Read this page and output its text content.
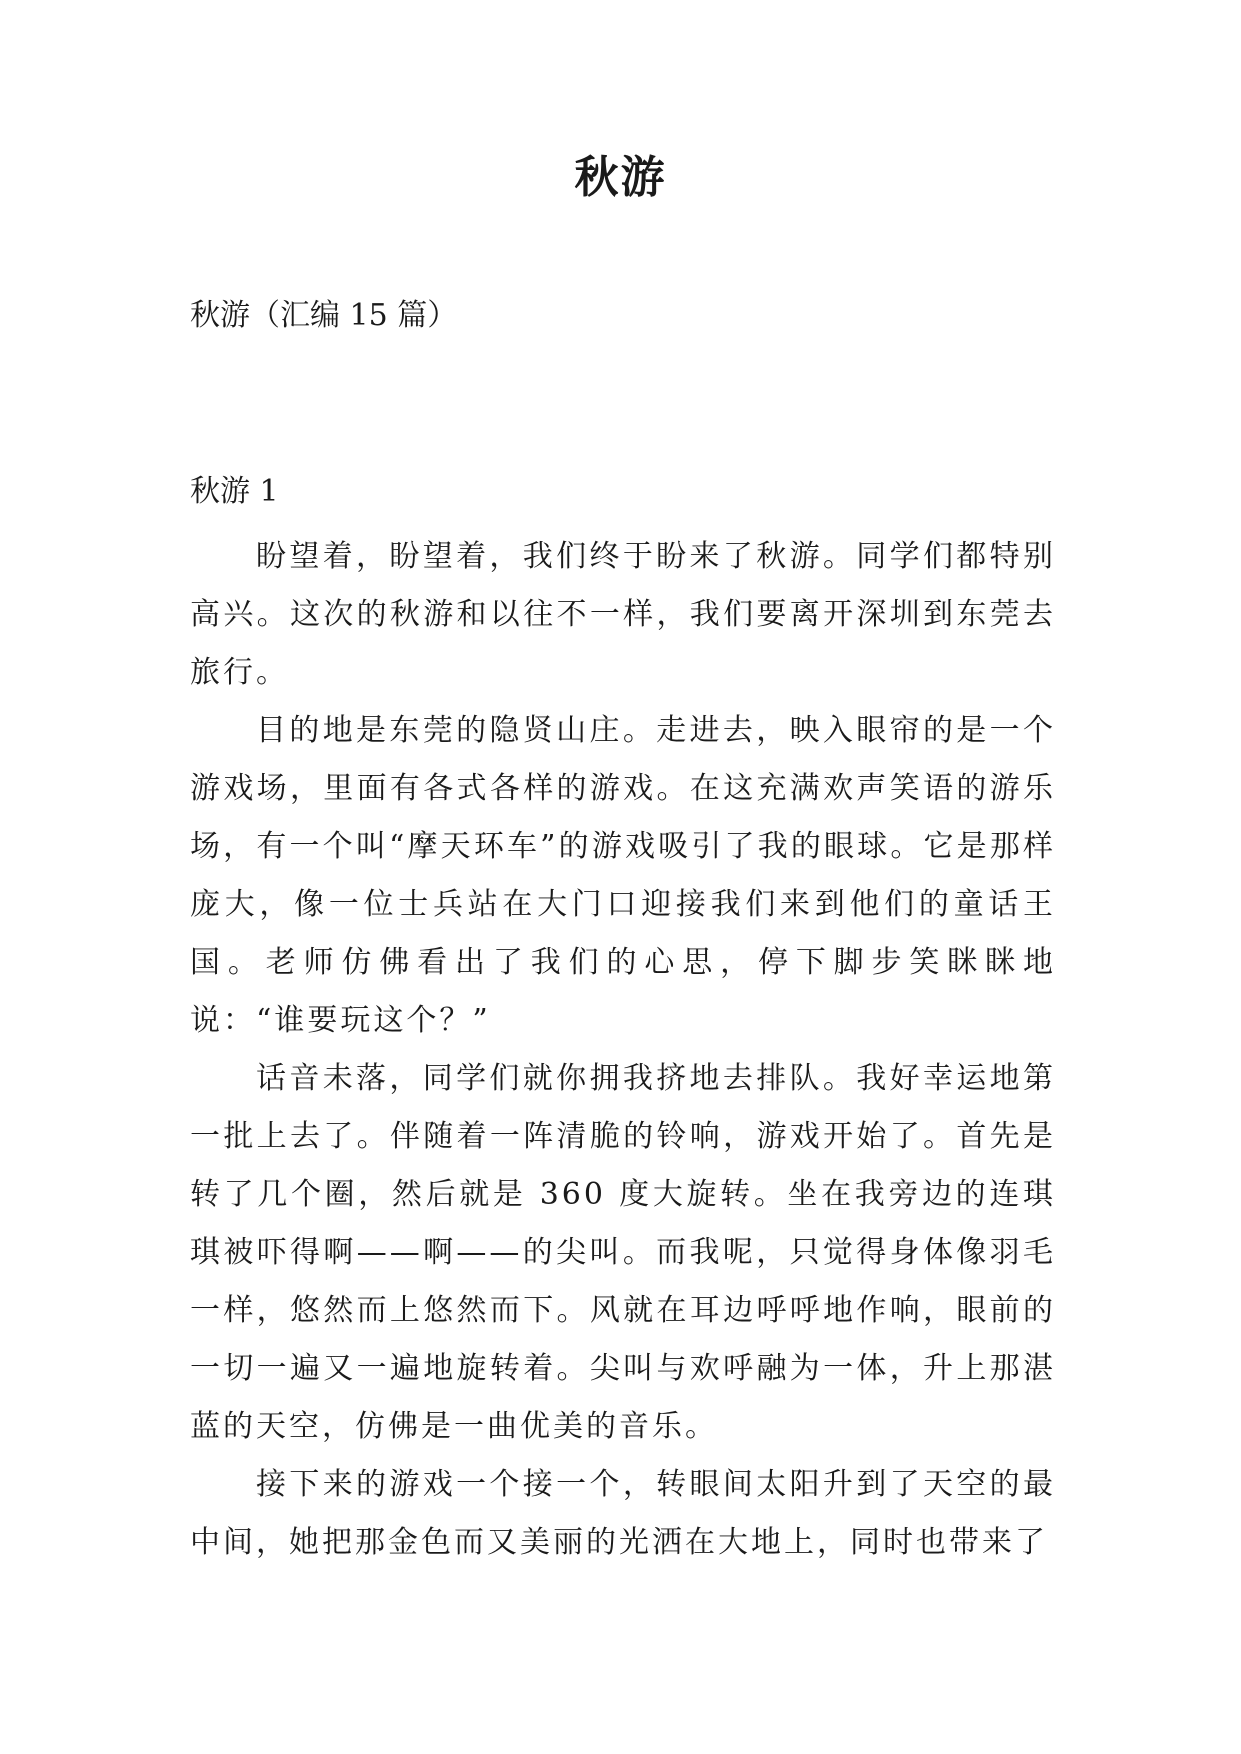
秋游

秋游（汇编 15 篇）

秋游 1

盼望着，盼望着，我们终于盼来了秋游。同学们都特别高兴。这次的秋游和以往不一样，我们要离开深圳到东莞去旅行。

目的地是东莞的隐贤山庄。走进去，映入眼帘的是一个游戏场，里面有各式各样的游戏。在这充满欢声笑语的游乐场，有一个叫“摩天环车”的游戏吸引了我的眼球。它是那样庞大，像一位士兵站在大门口迎接我们来到他们的童话王国。老师仿佛看出了我们的心思，停下脚步笑眯眯地说：“谁要玩这个？”

话音未落，同学们就你拥我挤地去排队。我好幸运地第一批上去了。伴随着一阵清脆的铃响，游戏开始了。首先是转了几个圈，然后就是 360 度大旋转。坐在我旁边的连琪琪被吓得啊——啊——的尖叫。而我呢，只觉得身体像羽毛一样，悠然而上悠然而下。风就在耳边呼呼地作响，眼前的一切一遍又一遍地旋转着。尖叫与欢呼融为一体，升上那湛蓝的天空，仿佛是一曲优美的音乐。

接下来的游戏一个接一个，转眼间太阳升到了天空的最中间，她把那金色而又美丽的光洒在大地上，同时也带来了
